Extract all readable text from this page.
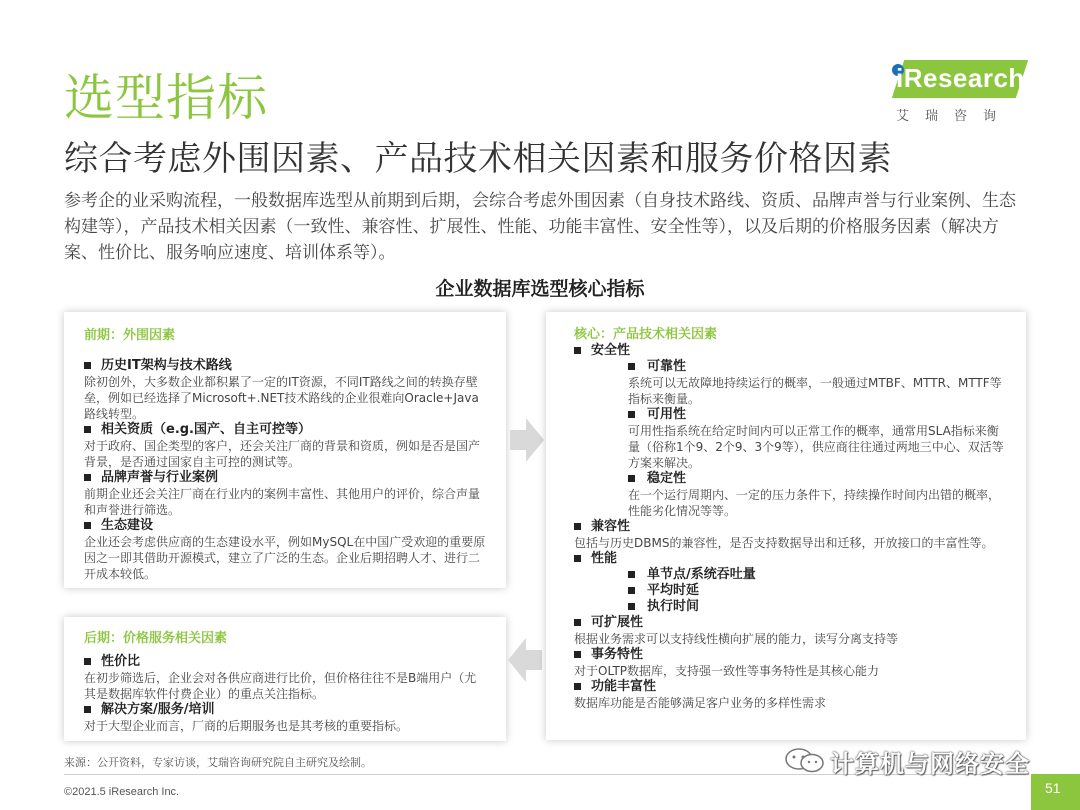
选型指标
综合考虑外围因素、产品技术相关因素和服务价格因素
iResearch
艾瑞咨询
参考企的业采购流程，一般数据库选型从前期到后期，会综合考虑外围因素（自身技术路线、资质、品牌声誉与行业案例、生态构建等），产品技术相关因素（一致性、兼容性、扩展性、性能、功能丰富性、安全性等），以及后期的价格服务因素（解决方案、性价比、服务响应速度、培训体系等）。
企业数据库选型核心指标
前期：外围因素
历史IT架构与技术路线
除初创外，大多数企业都积累了一定的IT资源，不同IT路线之间的转换存壁垒，例如已经选择了Microsoft+.NET技术路线的企业很难向Oracle+Java路线转型。
相关资质（e.g.国产、自主可控等）
对于政府、国企类型的客户，还会关注厂商的背景和资质，例如是否是国产背景，是否通过国家自主可控的测试等。
品牌声誉与行业案例
前期企业还会关注厂商在行业内的案例丰富性、其他用户的评价，综合声量和声誉进行筛选。
生态建设
企业还会考虑供应商的生态建设水平，例如MySQL在中国广受欢迎的重要原因之一即其借助开源模式，建立了广泛的生态。企业后期招聘人才、进行二开成本较低。
后期：价格服务相关因素
性价比
在初步筛选后，企业会对各供应商进行比价，但价格往往不是B端用户（尤其是数据库软件付费企业）的重点关注指标。
解决方案/服务/培训
对于大型企业而言，厂商的后期服务也是其考核的重要指标。
核心：产品技术相关因素
安全性
可靠性
系统可以无故障地持续运行的概率，一般通过MTBF、MTTR、MTTF等指标来衡量。
可用性
可用性指系统在给定时间内可以正常工作的概率，通常用SLA指标来衡量（俗称1个9、2个9、3个9等），供应商往往通过两地三中心、双活等方案来解决。
稳定性
在一个运行周期内、一定的压力条件下，持续操作时间内出错的概率，性能劣化情况等等。
兼容性
包括与历史DBMS的兼容性，是否支持数据导出和迁移，开放接口的丰富性等。
性能
单节点/系统吞吐量
平均时延
执行时间
可扩展性
根据业务需求可以支持线性横向扩展的能力，读写分离支持等
事务特性
对于OLTP数据库，支持强一致性等事务特性是其核心能力
功能丰富性
数据库功能是否能够满足客户业务的多样性需求
来源：公开资料，专家访谈，艾瑞咨询研究院自主研究及绘制。
©2021.5 iResearch Inc.
计算机与网络安全
51
